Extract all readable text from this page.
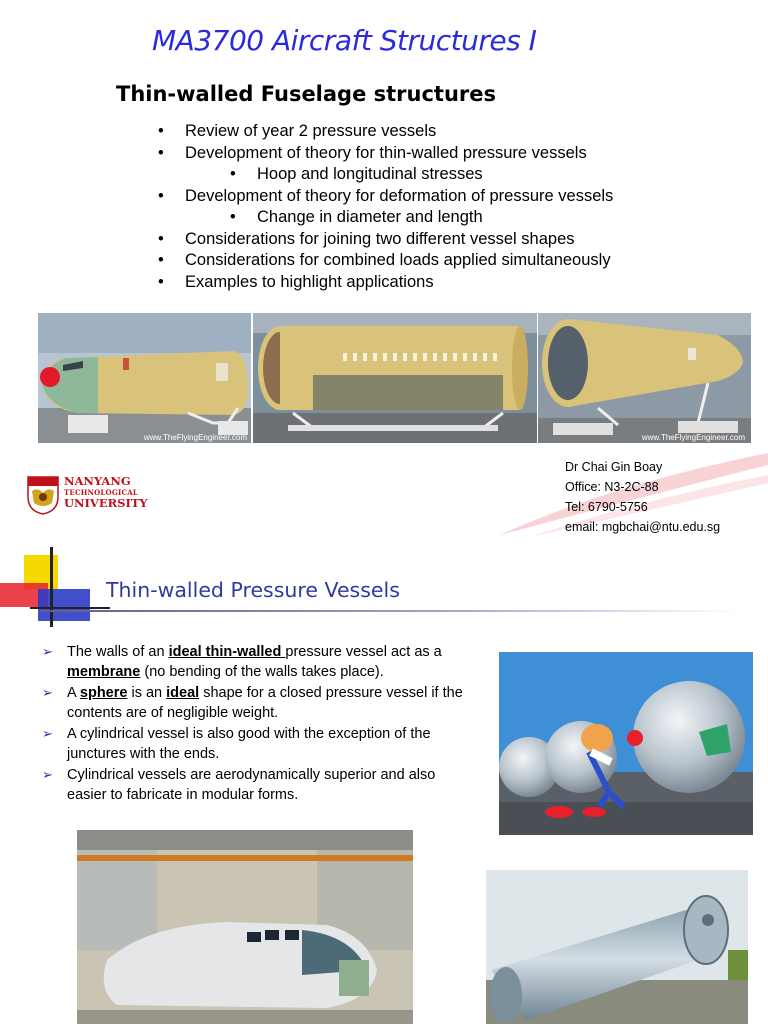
MA3700 Aircraft Structures I
Thin-walled Fuselage structures
• Review of year 2 pressure vessels
• Development of theory for thin-walled pressure vessels
• Hoop and longitudinal stresses
• Development of theory for deformation of pressure vessels
• Change in diameter and length
• Considerations for joining two different vessel shapes
• Considerations for combined loads applied simultaneously
• Examples to highlight applications
www.TheFlyingEngineer.com	www.TheFlyingEngineer.com
NANYANG
TECHNOLOGICAL
UNIVERSITY
Dr Chai Gin Boay
Office: N3-2C-88
Tel: 6790-5756
email: mgbchai@ntu.edu.sg
Thin-walled Pressure Vessels
➢ The walls of an ideal thin-walled pressure vessel act as a membrane (no bending of the walls takes place).
➢ A sphere is an ideal shape for a closed pressure vessel if the contents are of negligible weight.
➢ A cylindrical vessel is also good with the exception of the junctures with the ends.
➢ Cylindrical vessels are aerodynamically superior and also easier to fabricate in modular forms.
